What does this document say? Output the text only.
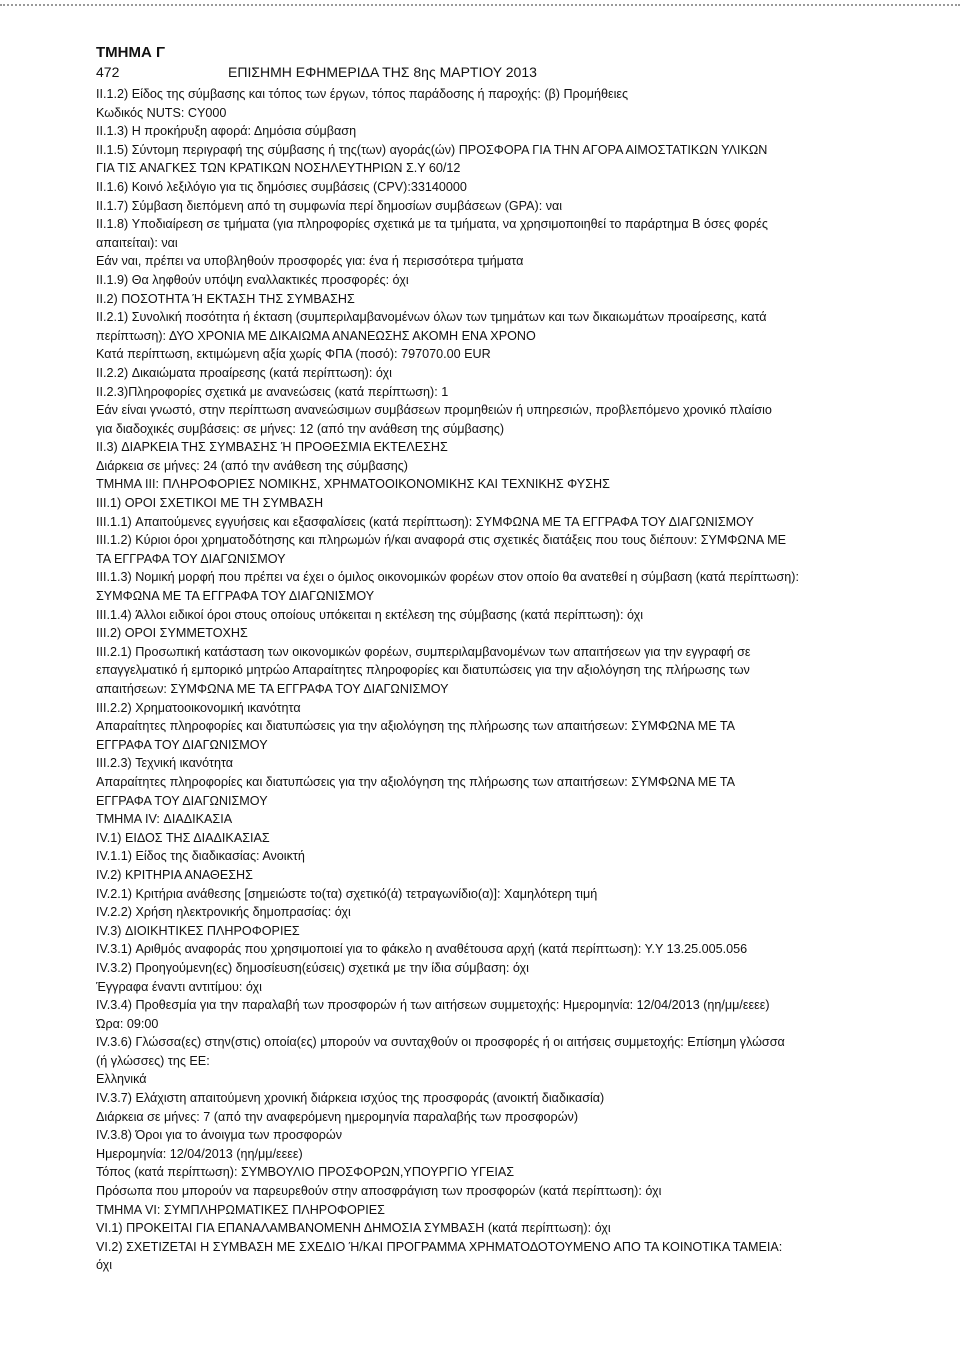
ΤΜΗΜΑ Γ
472	ΕΠΙΣΗΜΗ ΕΦΗΜΕΡΙΔΑ ΤΗΣ 8ης ΜΑΡΤΙΟΥ 2013
II.1.2) Είδος της σύμβασης και τόπος των έργων, τόπος παράδοσης ή παροχής: (β) Προμήθειες
Κωδικός NUTS: CY000
II.1.3) Η προκήρυξη αφορά: Δημόσια σύμβαση
II.1.5) Σύντομη περιγραφή της σύμβασης ή της(των) αγοράς(ών) ΠΡΟΣΦΟΡΑ ΓΙΑ ΤΗΝ ΑΓΟΡΑ ΑΙΜΟΣΤΑΤΙΚΩΝ ΥΛΙΚΩΝ
ΓΙΑ ΤΙΣ ΑΝΑΓΚΕΣ ΤΩΝ ΚΡΑΤΙΚΩΝ ΝΟΣΗΛΕΥΤΗΡΙΩΝ Σ.Υ 60/12
II.1.6) Κοινό λεξιλόγιο για τις δημόσιες συμβάσεις (CPV):33140000
II.1.7) Σύμβαση διεπόμενη από τη συμφωνία περί δημοσίων συμβάσεων (GPA): ναι
II.1.8) Υποδιαίρεση σε τμήματα (για πληροφορίες σχετικά με τα τμήματα, να χρησιμοποιηθεί το παράρτημα Β όσες φορές
απαιτείται): ναι
Εάν ναι, πρέπει να υποβληθούν προσφορές για: ένα ή περισσότερα τμήματα
II.1.9) Θα ληφθούν υπόψη εναλλακτικές προσφορές: όχι
II.2) ΠΟΣΟΤΗΤΑ Ή ΕΚΤΑΣΗ ΤΗΣ ΣΥΜΒΑΣΗΣ
II.2.1) Συνολική ποσότητα ή έκταση (συμπεριλαμβανομένων όλων των τμημάτων και των δικαιωμάτων προαίρεσης, κατά
περίπτωση): ΔΥΟ ΧΡΟΝΙΑ ΜΕ ΔΙΚΑΙΩΜΑ ΑΝΑΝΕΩΣΗΣ ΑΚΟΜΗ ΕΝΑ ΧΡΟΝΟ
Κατά περίπτωση, εκτιμώμενη αξία χωρίς ΦΠΑ (ποσό): 797070.00 EUR
II.2.2) Δικαιώματα προαίρεσης (κατά περίπτωση): όχι
II.2.3)Πληροφορίες σχετικά με ανανεώσεις (κατά περίπτωση): 1
Εάν είναι γνωστό, στην περίπτωση ανανεώσιμων συμβάσεων προμηθειών ή υπηρεσιών, προβλεπόμενο χρονικό πλαίσιο
για διαδοχικές συμβάσεις: σε μήνες: 12 (από την ανάθεση της σύμβασης)
II.3) ΔΙΑΡΚΕΙΑ ΤΗΣ ΣΥΜΒΑΣΗΣ Ή ΠΡΟΘΕΣΜΙΑ ΕΚΤΕΛΕΣΗΣ
Διάρκεια σε μήνες: 24 (από την ανάθεση της σύμβασης)
ΤΜΗΜΑ III: ΠΛΗΡΟΦΟΡΙΕΣ ΝΟΜΙΚΗΣ, ΧΡΗΜΑΤΟΟΙΚΟΝΟΜΙΚΗΣ ΚΑΙ ΤΕΧΝΙΚΗΣ ΦΥΣΗΣ
III.1) ΟΡΟΙ ΣΧΕΤΙΚΟΙ ΜΕ ΤΗ ΣΥΜΒΑΣΗ
III.1.1) Απαιτούμενες εγγυήσεις και εξασφαλίσεις (κατά περίπτωση): ΣΥΜΦΩΝΑ ΜΕ ΤΑ ΕΓΓΡΑΦΑ ΤΟΥ ΔΙΑΓΩΝΙΣΜΟΥ
III.1.2) Κύριοι όροι χρηματοδότησης και πληρωμών ή/και αναφορά στις σχετικές διατάξεις που τους διέπουν: ΣΥΜΦΩΝΑ ΜΕ
ΤΑ ΕΓΓΡΑΦΑ ΤΟΥ ΔΙΑΓΩΝΙΣΜΟΥ
III.1.3) Νομική μορφή που πρέπει να έχει ο όμιλος οικονομικών φορέων στον οποίο θα ανατεθεί η σύμβαση (κατά περίπτωση):
ΣΥΜΦΩΝΑ ΜΕ ΤΑ ΕΓΓΡΑΦΑ ΤΟΥ ΔΙΑΓΩΝΙΣΜΟΥ
III.1.4) Άλλοι ειδικοί όροι στους οποίους υπόκειται η εκτέλεση της σύμβασης (κατά περίπτωση): όχι
III.2) ΟΡΟΙ ΣΥΜΜΕΤΟΧΗΣ
III.2.1) Προσωπική κατάσταση των οικονομικών φορέων, συμπεριλαμβανομένων των απαιτήσεων για την εγγραφή σε
επαγγελματικό ή εμπορικό μητρώο Απαραίτητες πληροφορίες και διατυπώσεις για την αξιολόγηση της πλήρωσης των
απαιτήσεων: ΣΥΜΦΩΝΑ ΜΕ ΤΑ ΕΓΓΡΑΦΑ ΤΟΥ ΔΙΑΓΩΝΙΣΜΟΥ
III.2.2) Χρηματοοικονομική ικανότητα
Απαραίτητες πληροφορίες και διατυπώσεις για την αξιολόγηση της πλήρωσης των απαιτήσεων: ΣΥΜΦΩΝΑ ΜΕ ΤΑ
ΕΓΓΡΑΦΑ ΤΟΥ ΔΙΑΓΩΝΙΣΜΟΥ
III.2.3) Τεχνική ικανότητα
Απαραίτητες πληροφορίες και διατυπώσεις για την αξιολόγηση της πλήρωσης των απαιτήσεων: ΣΥΜΦΩΝΑ ΜΕ ΤΑ
ΕΓΓΡΑΦΑ ΤΟΥ ΔΙΑΓΩΝΙΣΜΟΥ
ΤΜΗΜΑ IV: ΔΙΑΔΙΚΑΣΙΑ
IV.1) ΕΙΔΟΣ ΤΗΣ ΔΙΑΔΙΚΑΣΙΑΣ
IV.1.1) Είδος της διαδικασίας: Ανοικτή
IV.2) ΚΡΙΤΗΡΙΑ ΑΝΑΘΕΣΗΣ
IV.2.1) Κριτήρια ανάθεσης [σημειώστε το(τα) σχετικό(ά) τετραγωνίδιο(α)]: Χαμηλότερη τιμή
IV.2.2) Χρήση ηλεκτρονικής δημοπρασίας: όχι
IV.3) ΔΙΟΙΚΗΤΙΚΕΣ ΠΛΗΡΟΦΟΡΙΕΣ
IV.3.1) Αριθμός αναφοράς που χρησιμοποιεί για το φάκελο η αναθέτουσα αρχή (κατά περίπτωση): Υ.Υ 13.25.005.056
IV.3.2) Προηγούμενη(ες) δημοσίευση(εύσεις) σχετικά με την ίδια σύμβαση: όχι
Έγγραφα έναντι αντιτίμου: όχι
IV.3.4) Προθεσμία για την παραλαβή των προσφορών ή των αιτήσεων συμμετοχής: Ημερομηνία: 12/04/2013 (ηη/μμ/εεεε)
Ώρα: 09:00
IV.3.6) Γλώσσα(ες) στην(στις) οποία(ες) μπορούν να συνταχθούν οι προσφορές ή οι αιτήσεις συμμετοχής: Επίσημη γλώσσα
(ή γλώσσες) της ΕΕ:
Ελληνικά
IV.3.7) Ελάχιστη απαιτούμενη χρονική διάρκεια ισχύος της προσφοράς (ανοικτή διαδικασία)
Διάρκεια σε μήνες: 7 (από την αναφερόμενη ημερομηνία παραλαβής των προσφορών)
IV.3.8) Όροι για το άνοιγμα των προσφορών
Ημερομηνία: 12/04/2013 (ηη/μμ/εεεε)
Τόπος (κατά περίπτωση): ΣΥΜΒΟΥΛΙΟ ΠΡΟΣΦΟΡΩΝ,ΥΠΟΥΡΓΙΟ ΥΓΕΙΑΣ
Πρόσωπα που μπορούν να παρευρεθούν στην αποσφράγιση των προσφορών (κατά περίπτωση): όχι
ΤΜΗΜΑ VI: ΣΥΜΠΛΗΡΩΜΑΤΙΚΕΣ ΠΛΗΡΟΦΟΡΙΕΣ
VI.1) ΠΡΟΚΕΙΤΑΙ ΓΙΑ ΕΠΑΝΑΛΑΜΒΑΝΟΜΕΝΗ ΔΗΜΟΣΙΑ ΣΥΜΒΑΣΗ (κατά περίπτωση): όχι
VI.2) ΣΧΕΤΙΖΕΤΑΙ Η ΣΥΜΒΑΣΗ ΜΕ ΣΧΕΔΙΟ Ή/ΚΑΙ ΠΡΟΓΡΑΜΜΑ ΧΡΗΜΑΤΟΔΟΤΟΥΜΕΝΟ ΑΠΟ ΤΑ ΚΟΙΝΟΤΙΚΑ ΤΑΜΕΙΑ:
όχι
